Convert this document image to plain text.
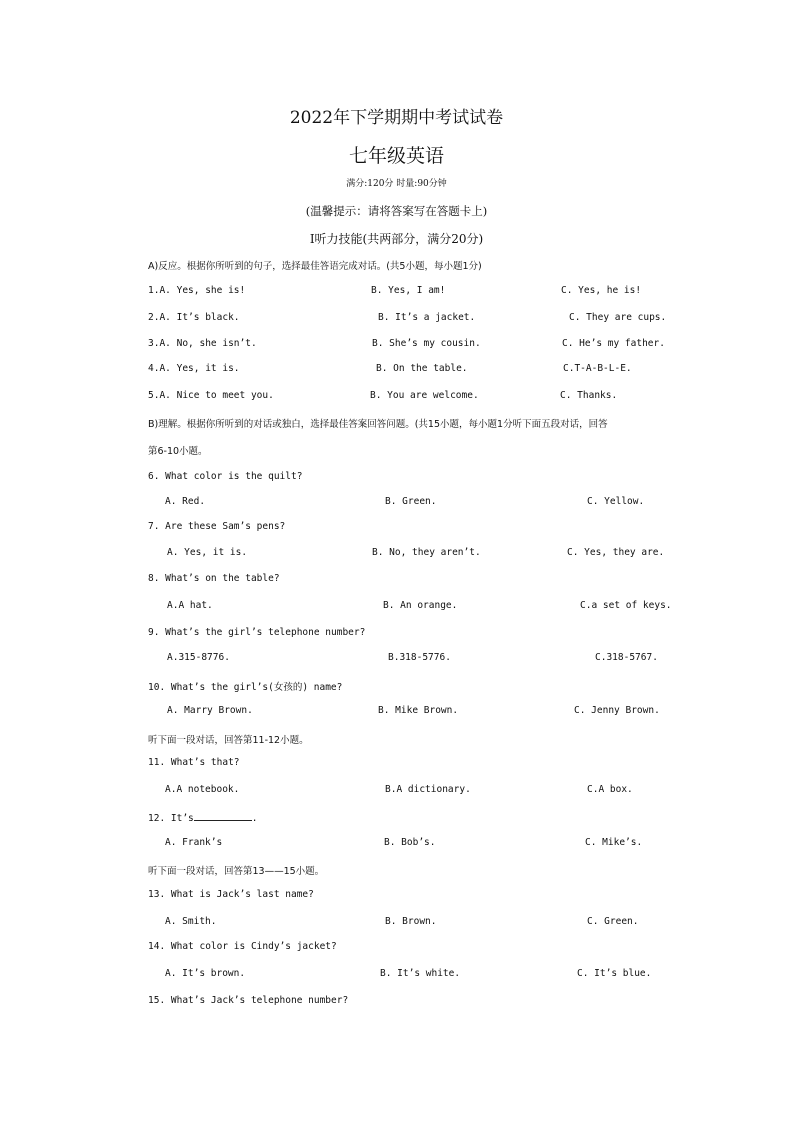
2022年下学期期中考试试卷
七年级英语
满分:120分 时量:90分钟
(温馨提示：请将答案写在答题卡上)
Ⅰ听力技能(共两部分，满分20分)
A)反应。根据你所听到的句子，选择最佳答语完成对话。(共5小题，每小题1分)
1.A. Yes, she is!	B. Yes, I am!	C. Yes, he is!
2.A. It’s black.	B. It’s a jacket.	C. They are cups.
3.A. No, she isn’t.	B. She’s my cousin.	C. He’s my father.
4.A. Yes, it is.	B. On the table.	C.T-A-B-L-E.
5.A. Nice to meet you.	B. You are welcome.	C. Thanks.
B)理解。根据你所听到的对话或独白，选择最佳答案回答问题。(共15小题，每小题1分听下面五段对话，回答
第6-10小题。
6. What color is the quilt?
A. Red.	B. Green.	C. Yellow.
7. Are these Sam’s pens?
A. Yes, it is.	B. No, they aren’t.	C. Yes, they are.
8. What’s on the table?
A.A hat.	B. An orange.	C.a set of keys.
9. What’s the girl’s telephone number?
A.315-8776.	B.318-5776.	C.318-5767.
10. What’s the girl’s(女孩的) name?
A. Marry Brown.	B. Mike Brown.	C. Jenny Brown.
听下面一段对话，回答第11-12小题。
11. What’s that?
A.A notebook.	B.A dictionary.	C.A box.
12. It’s	.
A. Frank’s	B. Bob’s.	C. Mike’s.
听下面一段对话，回答第13——15小题。
13. What is Jack’s last name?
A. Smith.	B. Brown.	C. Green.
14. What color is Cindy’s jacket?
A. It’s brown.	B. It’s white.	C. It’s blue.
15. What’s Jack’s telephone number?
